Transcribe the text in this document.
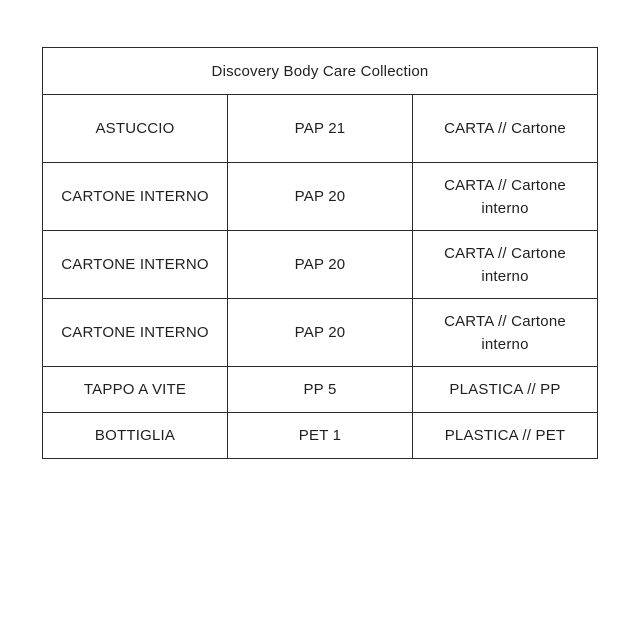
Discovery Body Care Collection		
ASTUCCIO	PAP 21	CARTA // Cartone
CARTONE INTERNO	PAP 20	CARTA // Cartone interno
CARTONE INTERNO	PAP 20	CARTA // Cartone interno
CARTONE INTERNO	PAP 20	CARTA // Cartone interno
TAPPO A VITE	PP 5	PLASTICA // PP
BOTTIGLIA	PET 1	PLASTICA // PET
